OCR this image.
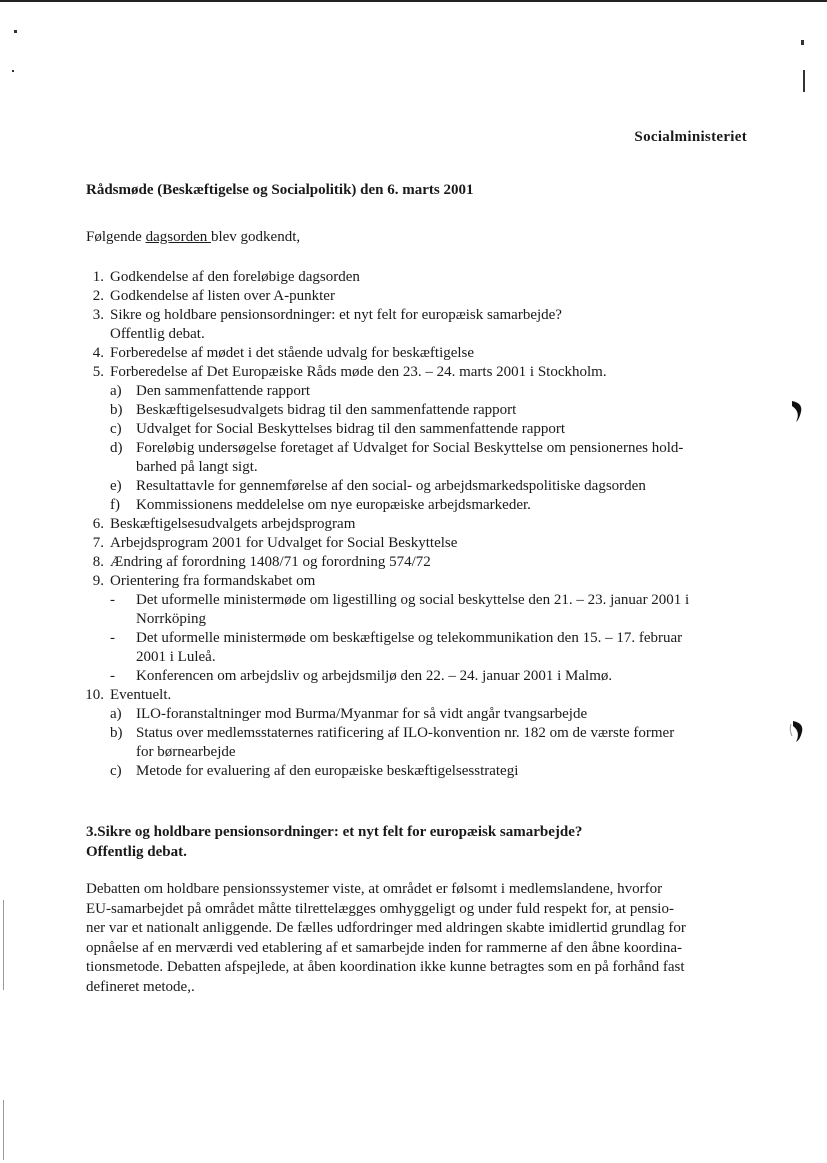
Socialministeriet
Rådsmøde (Beskæftigelse og Socialpolitik) den 6. marts 2001
Følgende dagsorden blev godkendt,
1. Godkendelse af den foreløbige dagsorden
2. Godkendelse af listen over A-punkter
3. Sikre og holdbare pensionsordninger: et nyt felt for europæisk samarbejde?
Offentlig debat.
4. Forberedelse af mødet i det stående udvalg for beskæftigelse
5. Forberedelse af Det Europæiske Råds møde den 23. – 24. marts 2001 i Stockholm.
a) Den sammenfattende rapport
b) Beskæftigelsesudvalgets bidrag til den sammenfattende rapport
c) Udvalget for Social Beskyttelses bidrag til den sammenfattende rapport
d) Foreløbig undersøgelse foretaget af Udvalget for Social Beskyttelse om pensionernes hold-
barhed på langt sigt.
e) Resultattavle for gennemførelse af den social- og arbejdsmarkedspolitiske dagsorden
f)	Kommissionens meddelelse om nye europæiske arbejdsmarkeder.
6. Beskæftigelsesudvalgets arbejdsprogram
7. Arbejdsprogram 2001 for Udvalget for Social Beskyttelse
8. Ændring af forordning 1408/71 og forordning 574/72
9. Orientering fra formandskabet om
-	Det uformelle ministermøde om ligestilling og social beskyttelse den 21. – 23. januar 2001 i
Norrköping
-	Det uformelle ministermøde om beskæftigelse og telekommunikation den 15. – 17. februar
2001 i Luleå.
-	Konferencen om arbejdsliv og arbejdsmiljø den 22. – 24. januar 2001 i Malmø.
10. Eventuelt.
a) ILO-foranstaltninger mod Burma/Myanmar for så vidt angår tvangsarbejde
b) Status over medlemsstaternes ratificering af ILO-konvention nr. 182 om de værste former
for børnearbejde
c) Metode for evaluering af den europæiske beskæftigelsesstrategi
3.Sikre og holdbare pensionsordninger: et nyt felt for europæisk samarbejde?
Offentlig debat.
Debatten om holdbare pensionssystemer viste, at området er følsomt i medlemslandene, hvorfor
EU-samarbejdet på området måtte tilrettelægges omhyggeligt og under fuld respekt for, at pensio-
ner var et nationalt anliggende. De fælles udfordringer med aldringen skabte imidlertid grundlag for
opnåelse af en merværdi ved etablering af et samarbejde inden for rammerne af den åbne koordina-
tionsmetode. Debatten afspejlede, at åben koordination ikke kunne betragtes som en på forhånd fast
defineret metode,.
